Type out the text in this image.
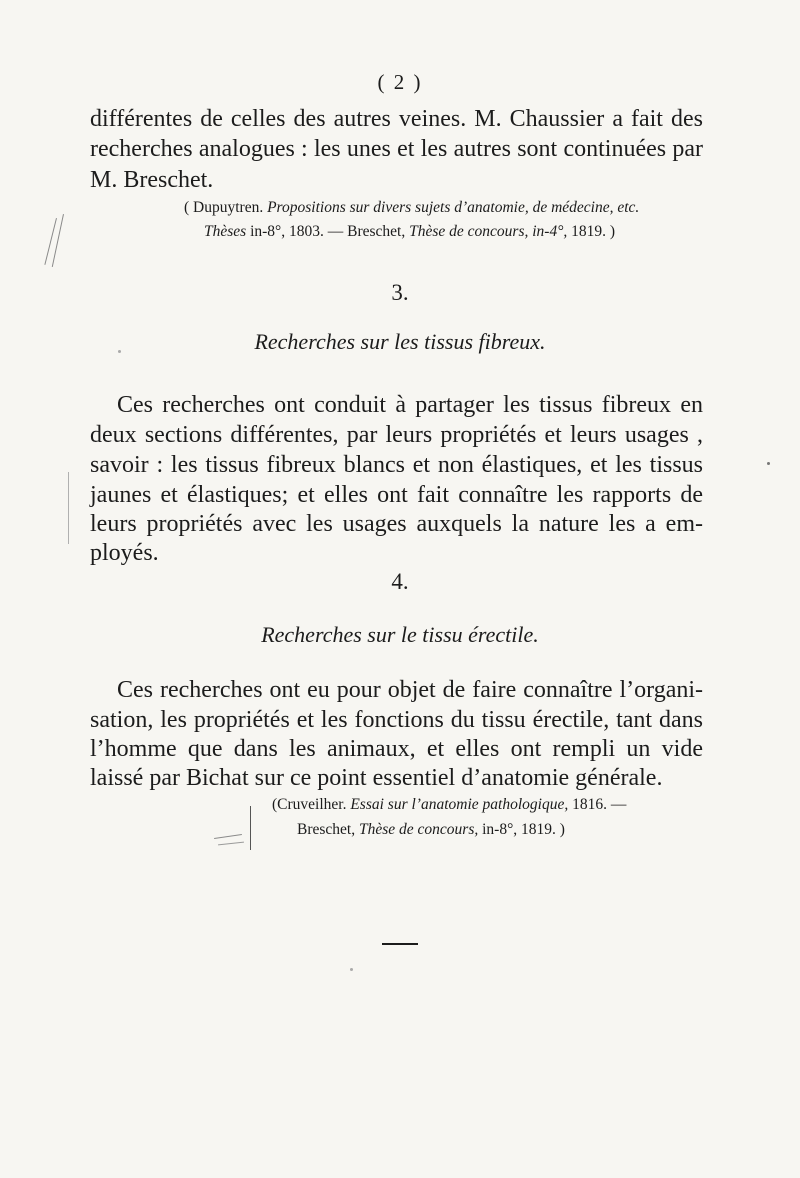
( 2 )
différentes de celles des autres veines. M. Chaussier a fait des
recherches analogues : les unes et les autres sont continuées par
M. Breschet.
( Dupuytren. Propositions sur divers sujets d’anatomie, de médecine, etc.
Thèses in-8°, 1803. — Breschet, Thèse de concours, in-4°, 1819. )
3.
Recherches sur les tissus fibreux.
Ces recherches ont conduit à partager les tissus fibreux en
deux sections différentes, par leurs propriétés et leurs usages ,
savoir : les tissus fibreux blancs et non élastiques, et les tissus
jaunes et élastiques; et elles ont fait connaître les rapports de
leurs propriétés avec les usages auxquels la nature les a em-
ployés.
4.
Recherches sur le tissu érectile.
Ces recherches ont eu pour objet de faire connaître l’organi-
sation, les propriétés et les fonctions du tissu érectile, tant dans
l’homme que dans les animaux, et elles ont rempli un vide
laissé par Bichat sur ce point essentiel d’anatomie générale.
(Cruveilher. Essai sur l’anatomie pathologique, 1816. —
Breschet, Thèse de concours, in-8°, 1819. )
